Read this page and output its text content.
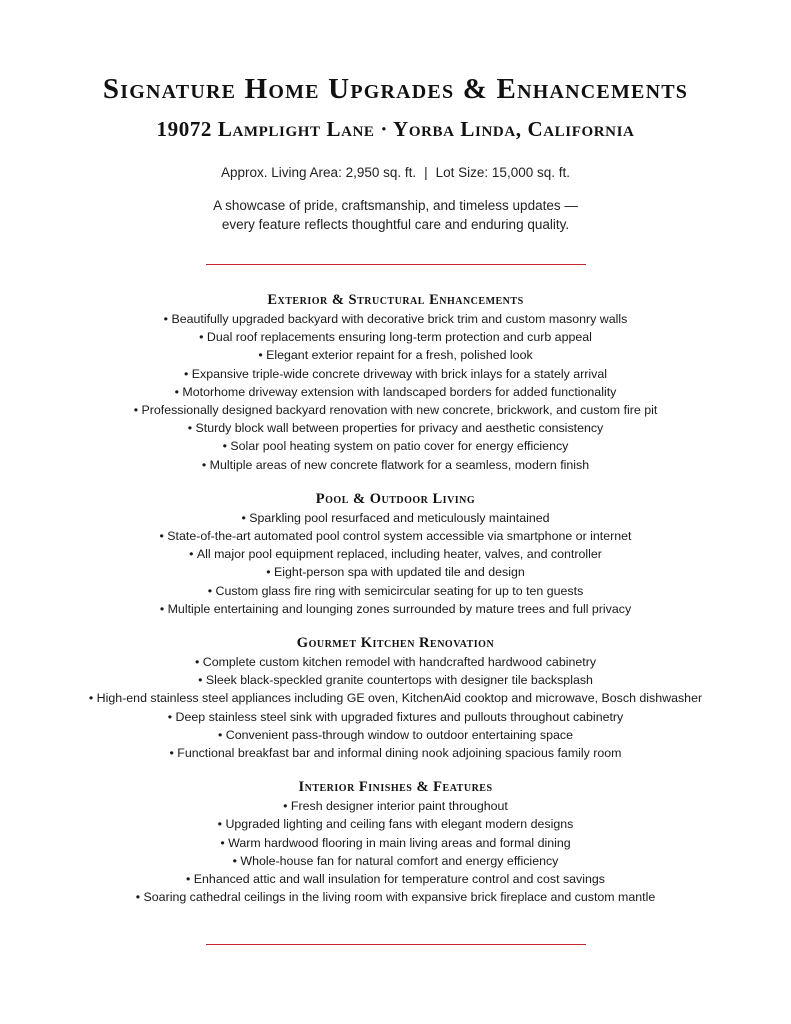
Signature Home Upgrades & Enhancements
19072 Lamplight Lane · Yorba Linda, California

Approx. Living Area: 2,950 sq. ft. | Lot Size: 15,000 sq. ft.

A showcase of pride, craftsmanship, and timeless updates —
every feature reflects thoughtful care and enduring quality.

Exterior & Structural Enhancements
• Beautifully upgraded backyard with decorative brick trim and custom masonry walls
• Dual roof replacements ensuring long-term protection and curb appeal
• Elegant exterior repaint for a fresh, polished look
• Expansive triple-wide concrete driveway with brick inlays for a stately arrival
• Motorhome driveway extension with landscaped borders for added functionality
• Professionally designed backyard renovation with new concrete, brickwork, and custom fire pit
• Sturdy block wall between properties for privacy and aesthetic consistency
• Solar pool heating system on patio cover for energy efficiency
• Multiple areas of new concrete flatwork for a seamless, modern finish
Pool & Outdoor Living
• Sparkling pool resurfaced and meticulously maintained
• State-of-the-art automated pool control system accessible via smartphone or internet
• All major pool equipment replaced, including heater, valves, and controller
• Eight-person spa with updated tile and design
• Custom glass fire ring with semicircular seating for up to ten guests
• Multiple entertaining and lounging zones surrounded by mature trees and full privacy
Gourmet Kitchen Renovation
• Complete custom kitchen remodel with handcrafted hardwood cabinetry
• Sleek black-speckled granite countertops with designer tile backsplash
• High-end stainless steel appliances including GE oven, KitchenAid cooktop and microwave, Bosch dishwasher
• Deep stainless steel sink with upgraded fixtures and pullouts throughout cabinetry
• Convenient pass-through window to outdoor entertaining space
• Functional breakfast bar and informal dining nook adjoining spacious family room
Interior Finishes & Features
• Fresh designer interior paint throughout
• Upgraded lighting and ceiling fans with elegant modern designs
• Warm hardwood flooring in main living areas and formal dining
• Whole-house fan for natural comfort and energy efficiency
• Enhanced attic and wall insulation for temperature control and cost savings
• Soaring cathedral ceilings in the living room with expansive brick fireplace and custom mantle
